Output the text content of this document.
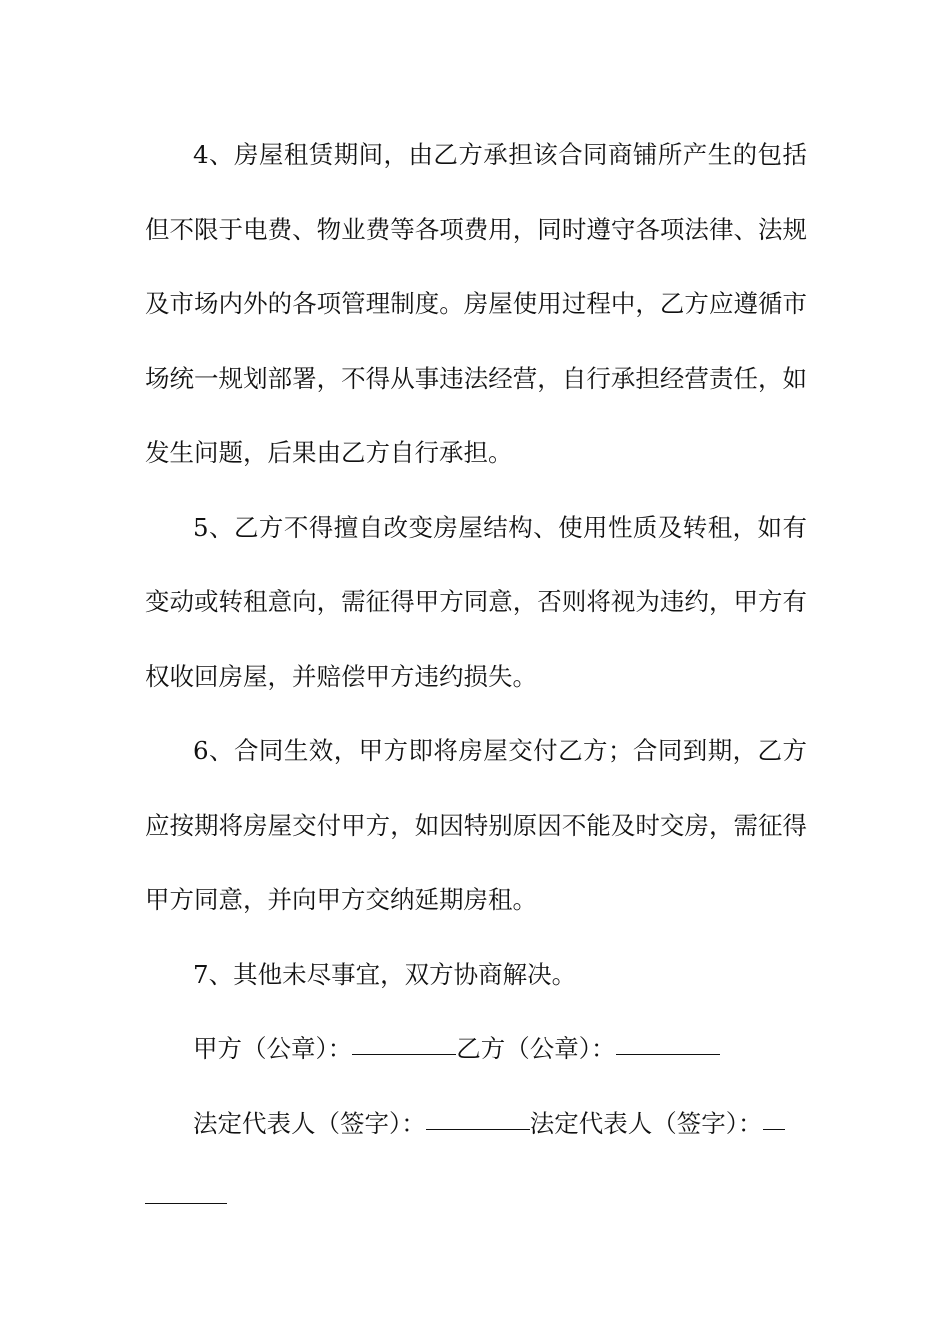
4、房屋租赁期间，由乙方承担该合同商铺所产生的包括但不限于电费、物业费等各项费用，同时遵守各项法律、法规及市场内外的各项管理制度。房屋使用过程中，乙方应遵循市场统一规划部署，不得从事违法经营，自行承担经营责任，如发生问题，后果由乙方自行承担。

5、乙方不得擅自改变房屋结构、使用性质及转租，如有变动或转租意向，需征得甲方同意，否则将视为违约，甲方有权收回房屋，并赔偿甲方违约损失。

6、合同生效，甲方即将房屋交付乙方；合同到期，乙方应按期将房屋交付甲方，如因特别原因不能及时交房，需征得甲方同意，并向甲方交纳延期房租。

7、其他未尽事宜，双方协商解决。

甲方（公章）：	乙方（公章）：

法定代表人（签字）：	法定代表人（签字）：
